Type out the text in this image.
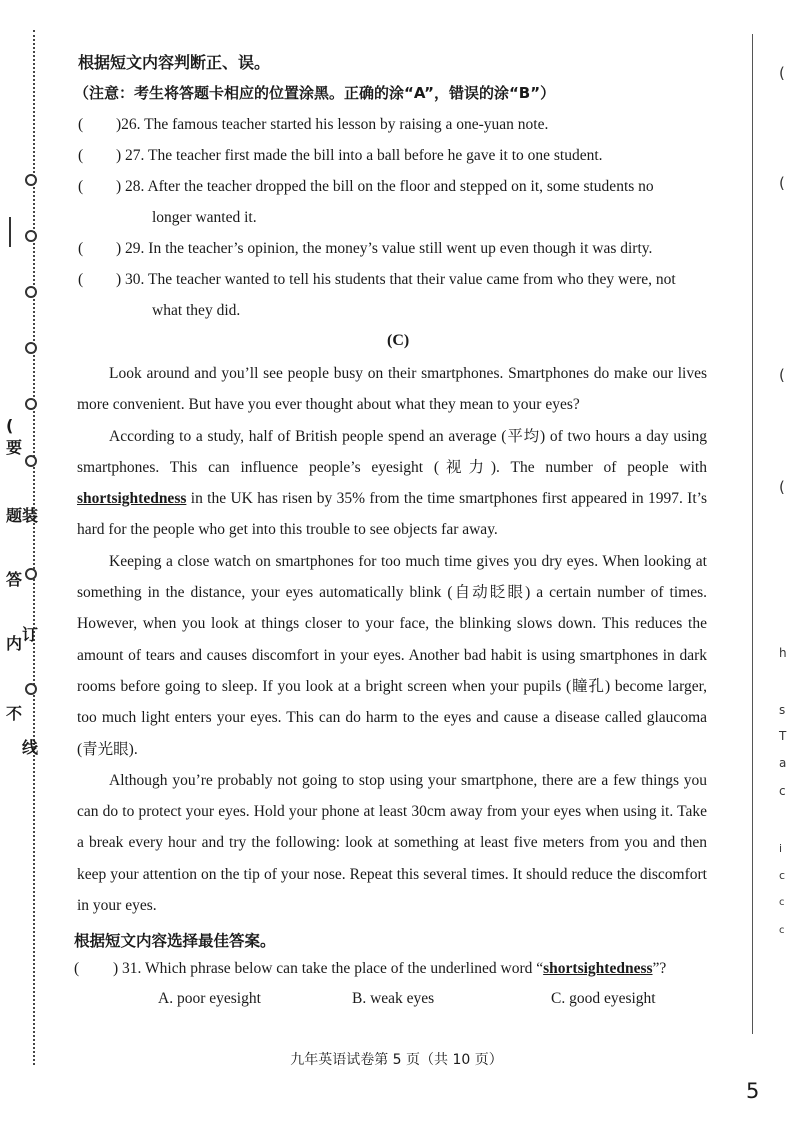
(
要
题 装
答
订
内
不
线
(
(
(
(
h
s
T
a
c
i
c
c
c
根据短文内容判断正、误。
（注意：考生将答题卡相应的位置涂黑。正确的涂“A”，错误的涂“B”）
( )26. The famous teacher started his lesson by raising a one-yuan note.
( ) 27. The teacher first made the bill into a ball before he gave it to one student.
( ) 28. After the teacher dropped the bill on the floor and stepped on it, some students no
longer wanted it.
( ) 29. In the teacher’s opinion, the money’s value still went up even though it was dirty.
( ) 30. The teacher wanted to tell his students that their value came from who they were, not
what they did.
(C)

Look around and you’ll see people busy on their smartphones. Smartphones do make our lives more convenient. But have you ever thought about what they mean to your eyes?

According to a study, half of British people spend an average (平均) of two hours a day using smartphones. This can influence people’s eyesight (视力). The number of people with shortsightedness in the UK has risen by 35% from the time smartphones first appeared in 1997. It’s hard for the people who get into this trouble to see objects far away.

Keeping a close watch on smartphones for too much time gives you dry eyes. When looking at something in the distance, your eyes automatically blink (自动眨眼) a certain number of times. However, when you look at things closer to your face, the blinking slows down. This reduces the amount of tears and causes discomfort in your eyes. Another bad habit is using smartphones in dark rooms before going to sleep. If you look at a bright screen when your pupils (瞳孔) become larger, too much light enters your eyes. This can do harm to the eyes and cause a disease called glaucoma (青光眼).

Although you’re probably not going to stop using your smartphone, there are a few things you can do to protect your eyes. Hold your phone at least 30cm away from your eyes when using it. Take a break every hour and try the following: look at something at least five meters from you and then keep your attention on the tip of your nose. Repeat this several times. It should reduce the discomfort in your eyes.

根据短文内容选择最佳答案。
( ) 31. Which phrase below can take the place of the underlined word “shortsightedness”?
A. poor eyesight	B. weak eyes	C. good eyesight
九年英语试卷第 5 页（共 10 页）
5
